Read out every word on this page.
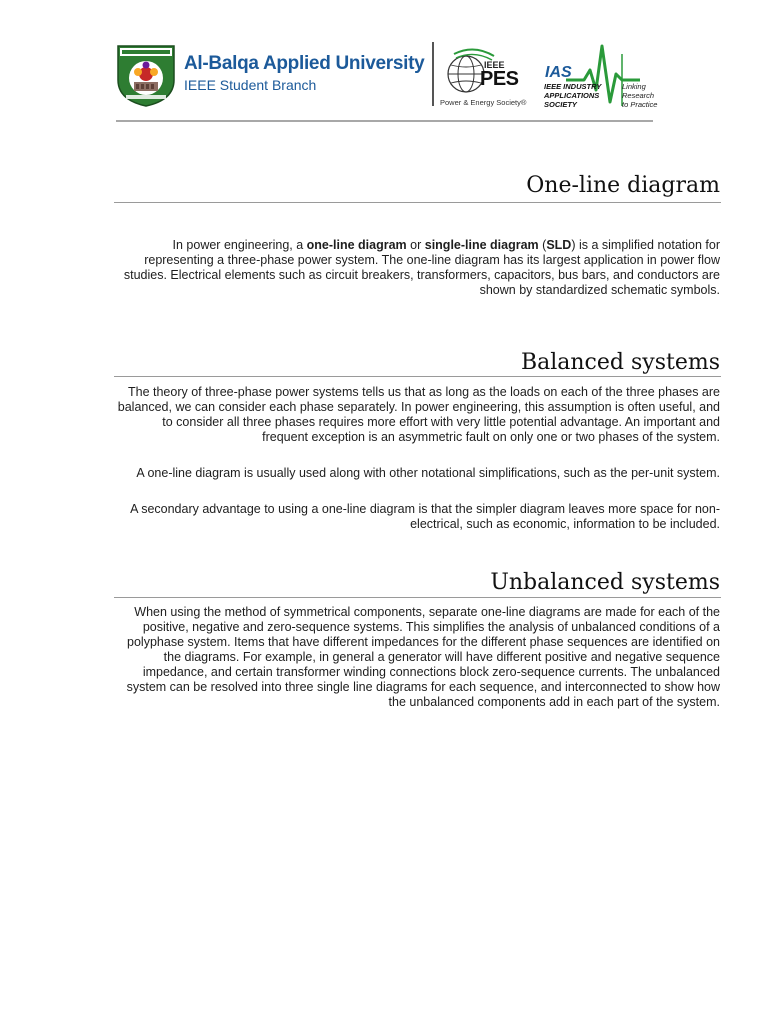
Al-Balqa Applied University
IEEE Student Branch
IEEE
PES
Power & Energy Society®
IAS
IEEE INDUSTRY
APPLICATIONS
SOCIETY
Linking
Research
to Practice
One-line diagram

In power engineering, a one-line diagram or single-line diagram (SLD) is a simplified notation for representing a three-phase power system. The one-line diagram has its largest application in power flow studies. Electrical elements such as circuit breakers, transformers, capacitors, bus bars, and conductors are shown by standardized schematic symbols.

Balanced systems

The theory of three-phase power systems tells us that as long as the loads on each of the three phases are balanced, we can consider each phase separately. In power engineering, this assumption is often useful, and to consider all three phases requires more effort with very little potential advantage. An important and frequent exception is an asymmetric fault on only one or two phases of the system.

A one-line diagram is usually used along with other notational simplifications, such as the per-unit system.

A secondary advantage to using a one-line diagram is that the simpler diagram leaves more space for non-electrical, such as economic, information to be included.

Unbalanced systems

When using the method of symmetrical components, separate one-line diagrams are made for each of the positive, negative and zero-sequence systems. This simplifies the analysis of unbalanced conditions of a polyphase system. Items that have different impedances for the different phase sequences are identified on the diagrams. For example, in general a generator will have different positive and negative sequence impedance, and certain transformer winding connections block zero-sequence currents. The unbalanced system can be resolved into three single line diagrams for each sequence, and interconnected to show how the unbalanced components add in each part of the system.
